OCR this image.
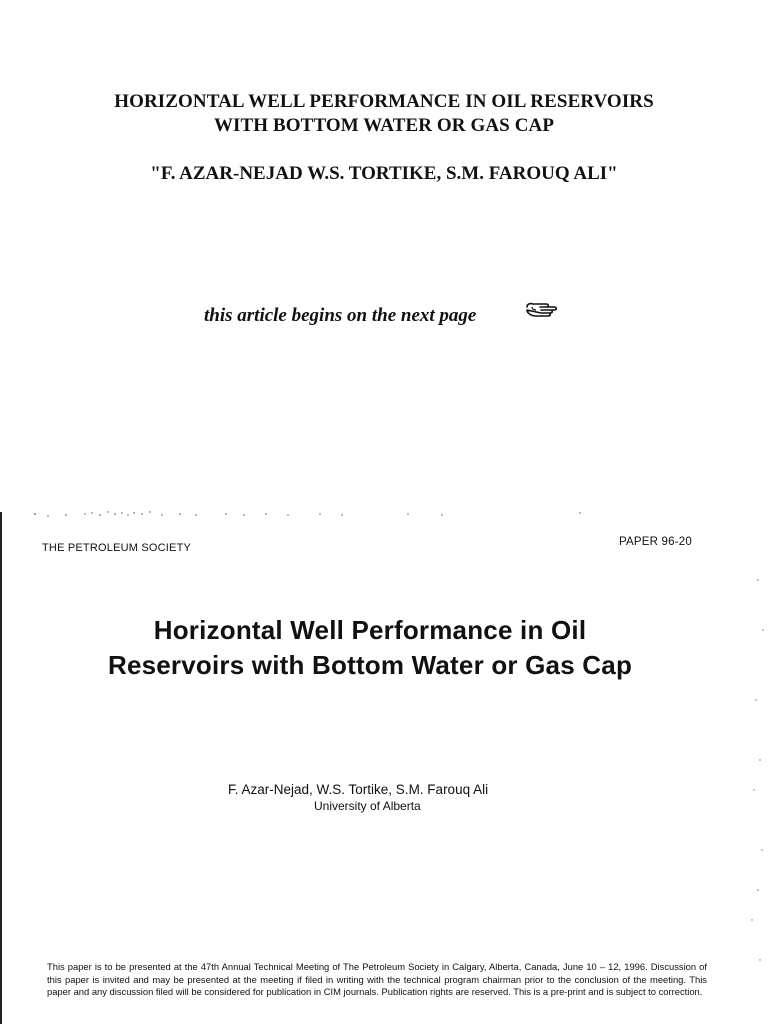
HORIZONTAL WELL PERFORMANCE IN OIL RESERVOIRS
WITH BOTTOM WATER OR GAS CAP
"F. AZAR-NEJAD W.S. TORTIKE, S.M. FAROUQ ALI"
this article begins on the next page
THE PETROLEUM SOCIETY	PAPER 96-20
Horizontal Well Performance in Oil
Reservoirs with Bottom Water or Gas Cap
F. Azar-Nejad, W.S. Tortike, S.M. Farouq Ali
University of Alberta
This paper is to be presented at the 47th Annual Technical Meeting of The Petroleum Society in Calgary, Alberta, Canada, June 10 – 12, 1996. Discussion of this paper is invited and may be presented at the meeting if filed in writing with the technical program chairman prior to the conclusion of the meeting. This paper and any discussion filed will be considered for publication in CIM journals. Publication rights are reserved. This is a pre-print and is subject to correction.
